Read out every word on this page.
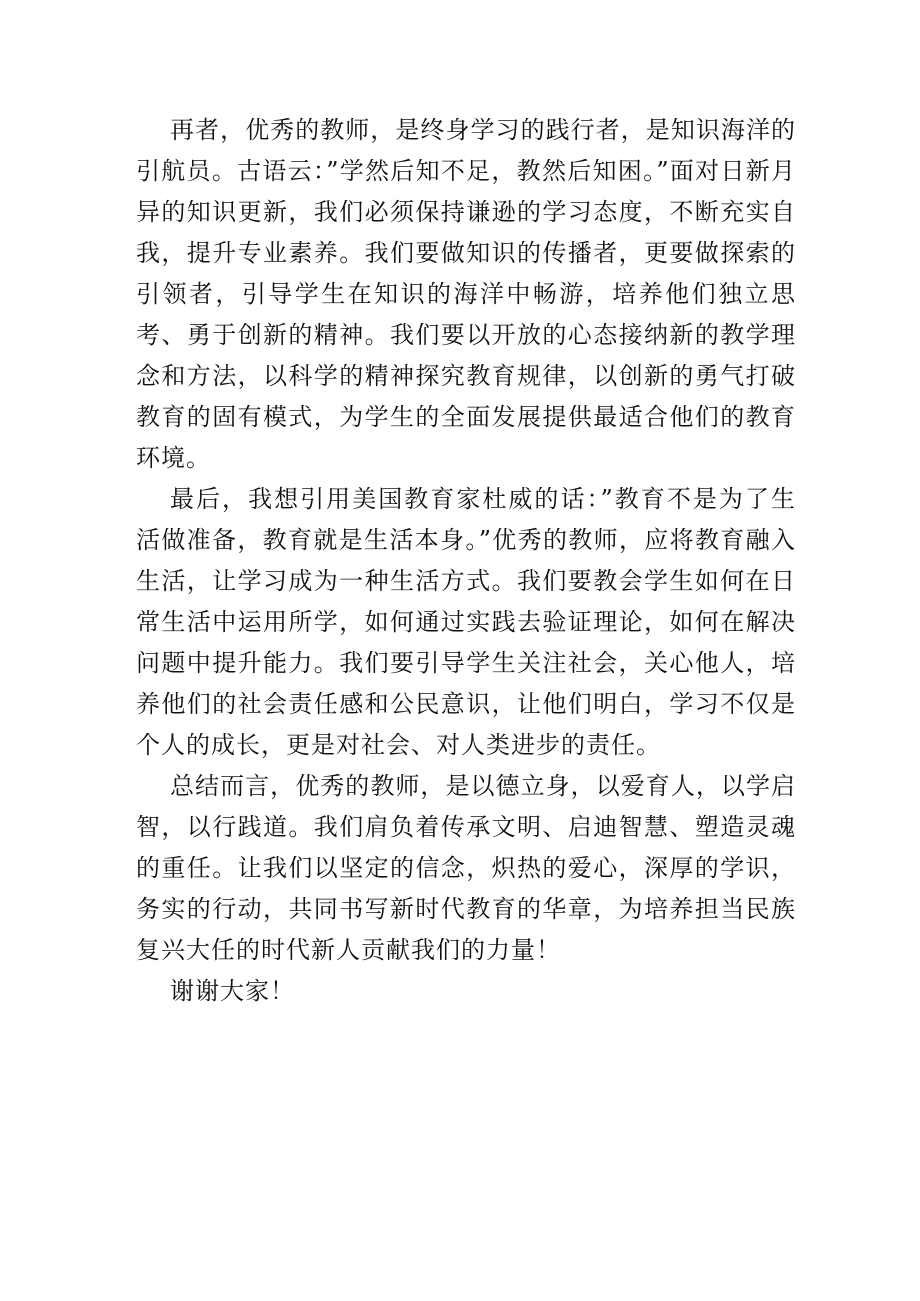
再者，优秀的教师，是终身学习的践行者，是知识海洋的引航员。古语云：”学然后知不足，教然后知困。”面对日新月异的知识更新，我们必须保持谦逊的学习态度，不断充实自我，提升专业素养。我们要做知识的传播者，更要做探索的引领者，引导学生在知识的海洋中畅游，培养他们独立思考、勇于创新的精神。我们要以开放的心态接纳新的教学理念和方法，以科学的精神探究教育规律，以创新的勇气打破教育的固有模式，为学生的全面发展提供最适合他们的教育环境。

最后，我想引用美国教育家杜威的话：”教育不是为了生活做准备，教育就是生活本身。”优秀的教师，应将教育融入生活，让学习成为一种生活方式。我们要教会学生如何在日常生活中运用所学，如何通过实践去验证理论，如何在解决问题中提升能力。我们要引导学生关注社会，关心他人，培养他们的社会责任感和公民意识，让他们明白，学习不仅是个人的成长，更是对社会、对人类进步的责任。

总结而言，优秀的教师，是以德立身，以爱育人，以学启智，以行践道。我们肩负着传承文明、启迪智慧、塑造灵魂的重任。让我们以坚定的信念，炽热的爱心，深厚的学识，务实的行动，共同书写新时代教育的华章，为培养担当民族复兴大任的时代新人贡献我们的力量！

谢谢大家！
